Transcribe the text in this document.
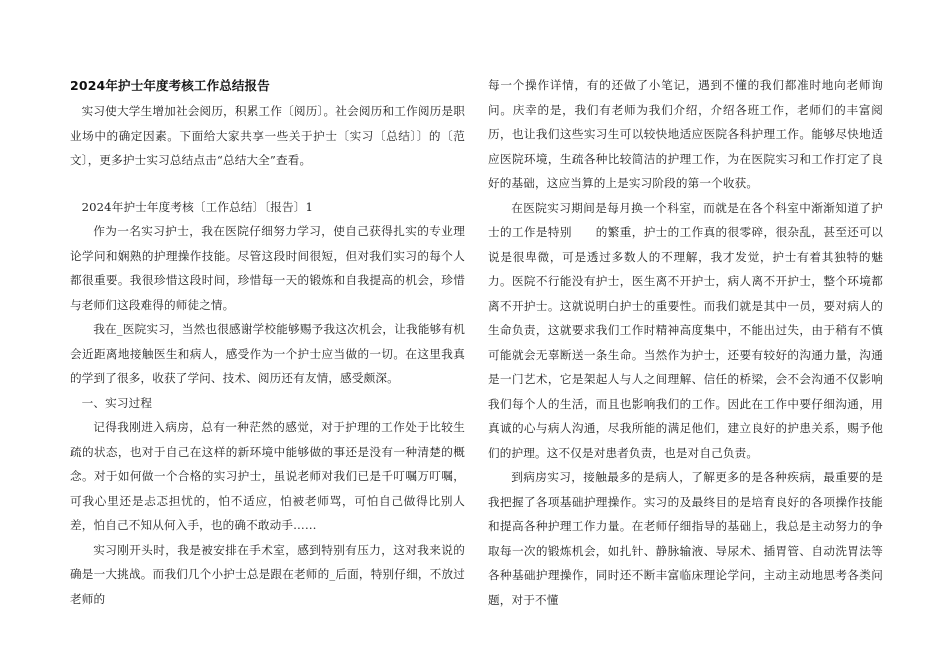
2024年护士年度考核工作总结报告

实习使大学生增加社会阅历，积累工作〔阅历〕。社会阅历和工作阅历是职业场中的确定因素。下面给大家共享一些关于护士〔实习〔总结〕〕的〔范文〕，更多护士实习总结点击“总结大全”查看。

2024年护士年度考核〔工作总结〕〔报告〕1

作为一名实习护士，我在医院仔细努力学习，使自己获得扎实的专业理论学问和娴熟的护理操作技能。尽管这段时间很短，但对我们实习的每个人都很重要。我很珍惜这段时间，珍惜每一天的锻炼和自我提高的机会，珍惜与老师们这段难得的师徒之情。

我在_医院实习，当然也很感谢学校能够赐予我这次机会，让我能够有机会近距离地接触医生和病人，感受作为一个护士应当做的一切。在这里我真的学到了很多，收获了学问、技术、阅历还有友情，感受颇深。

一、实习过程

记得我刚进入病房，总有一种茫然的感觉，对于护理的工作处于比较生疏的状态，也对于自己在这样的新环境中能够做的事还是没有一种清楚的概念。对于如何做一个合格的实习护士，虽说老师对我们已是千叮嘱万叮嘱，可我心里还是忐忑担忧的，怕不适应，怕被老师骂，可怕自己做得比别人差，怕自己不知从何入手，也的确不敢动手……

实习刚开头时，我是被安排在手术室，感到特别有压力，这对我来说的确是一大挑战。而我们几个小护士总是跟在老师的_后面，特别仔细，不放过老师的

每一个操作详情，有的还做了小笔记，遇到不懂的我们都准时地向老师询问。庆幸的是，我们有老师为我们介绍，介绍各班工作，老师们的丰富阅历，也让我们这些实习生可以较快地适应医院各科护理工作。能够尽快地适应医院环境，生疏各种比较简洁的护理工作，为在医院实习和工作打定了良好的基础，这应当算的上是实习阶段的第一个收获。

在医院实习期间是每月换一个科室，而就是在各个科室中渐渐知道了护士的工作是特别　　的繁重，护士的工作真的很零碎，很杂乱，甚至还可以说是很卑微，可是透过多数人的不理解，我才发觉，护士有着其独特的魅力。医院不行能没有护士，医生离不开护士，病人离不开护士，整个环境都离不开护士。这就说明白护士的重要性。而我们就是其中一员，要对病人的生命负责，这就要求我们工作时精神高度集中，不能出过失，由于稍有不慎可能就会无辜断送一条生命。当然作为护士，还要有较好的沟通力量，沟通是一门艺术，它是架起人与人之间理解、信任的桥梁，会不会沟通不仅影响我们每个人的生活，而且也影响我们的工作。因此在工作中要仔细沟通，用真诚的心与病人沟通，尽我所能的满足他们，建立良好的护患关系，赐予他们的护理。这不仅是对患者负责，也是对自己负责。

到病房实习，接触最多的是病人，了解更多的是各种疾病，最重要的是我把握了各项基础护理操作。实习的及最终目的是培育良好的各项操作技能和提高各种护理工作力量。在老师仔细指导的基础上，我总是主动努力的争取每一次的锻炼机会，如扎针、静脉输液、导尿术、插胃管、自动洗胃法等各种基础护理操作，同时还不断丰富临床理论学问，主动主动地思考各类问题，对于不懂
